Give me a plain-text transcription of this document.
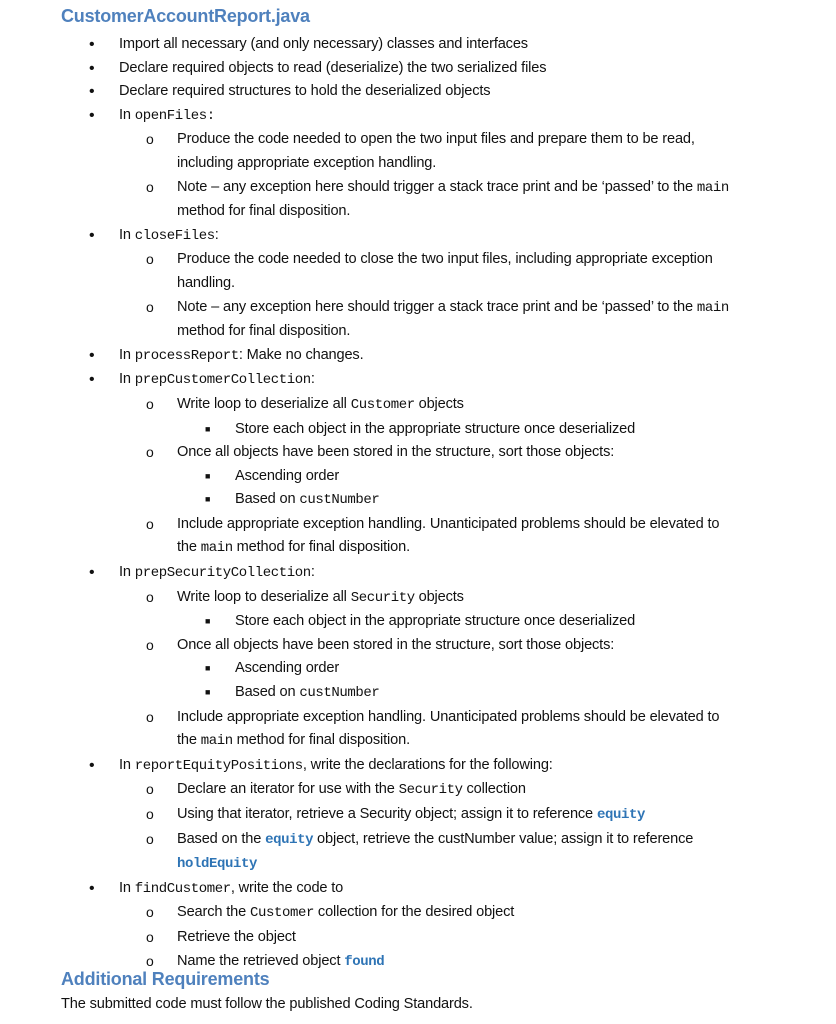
CustomerAccountReport.java
• Import all necessary (and only necessary) classes and interfaces
• Declare required objects to read (deserialize) the two serialized files
• Declare required structures to hold the deserialized objects
• In openFiles:
o Produce the code needed to open the two input files and prepare them to be read,
including appropriate exception handling.
o Note – any exception here should trigger a stack trace print and be ‘passed’ to the main
method for final disposition.
• In closeFiles:
o Produce the code needed to close the two input files, including appropriate exception
handling.
o Note – any exception here should trigger a stack trace print and be ‘passed’ to the main
method for final disposition.
• In processReport: Make no changes.
• In prepCustomerCollection:
o Write loop to deserialize all Customer objects
■ Store each object in the appropriate structure once deserialized
o Once all objects have been stored in the structure, sort those objects:
■ Ascending order
■ Based on custNumber
o Include appropriate exception handling. Unanticipated problems should be elevated to
the main method for final disposition.
• In prepSecurityCollection:
o Write loop to deserialize all Security objects
■ Store each object in the appropriate structure once deserialized
o Once all objects have been stored in the structure, sort those objects:
■ Ascending order
■ Based on custNumber
o Include appropriate exception handling. Unanticipated problems should be elevated to
the main method for final disposition.
• In reportEquityPositions, write the declarations for the following:
o Declare an iterator for use with the Security collection
o Using that iterator, retrieve a Security object; assign it to reference equity
o Based on the equity object, retrieve the custNumber value; assign it to reference
holdEquity
• In findCustomer, write the code to
o Search the Customer collection for the desired object
o Retrieve the object
o Name the retrieved object found
Additional Requirements
The submitted code must follow the published Coding Standards.
